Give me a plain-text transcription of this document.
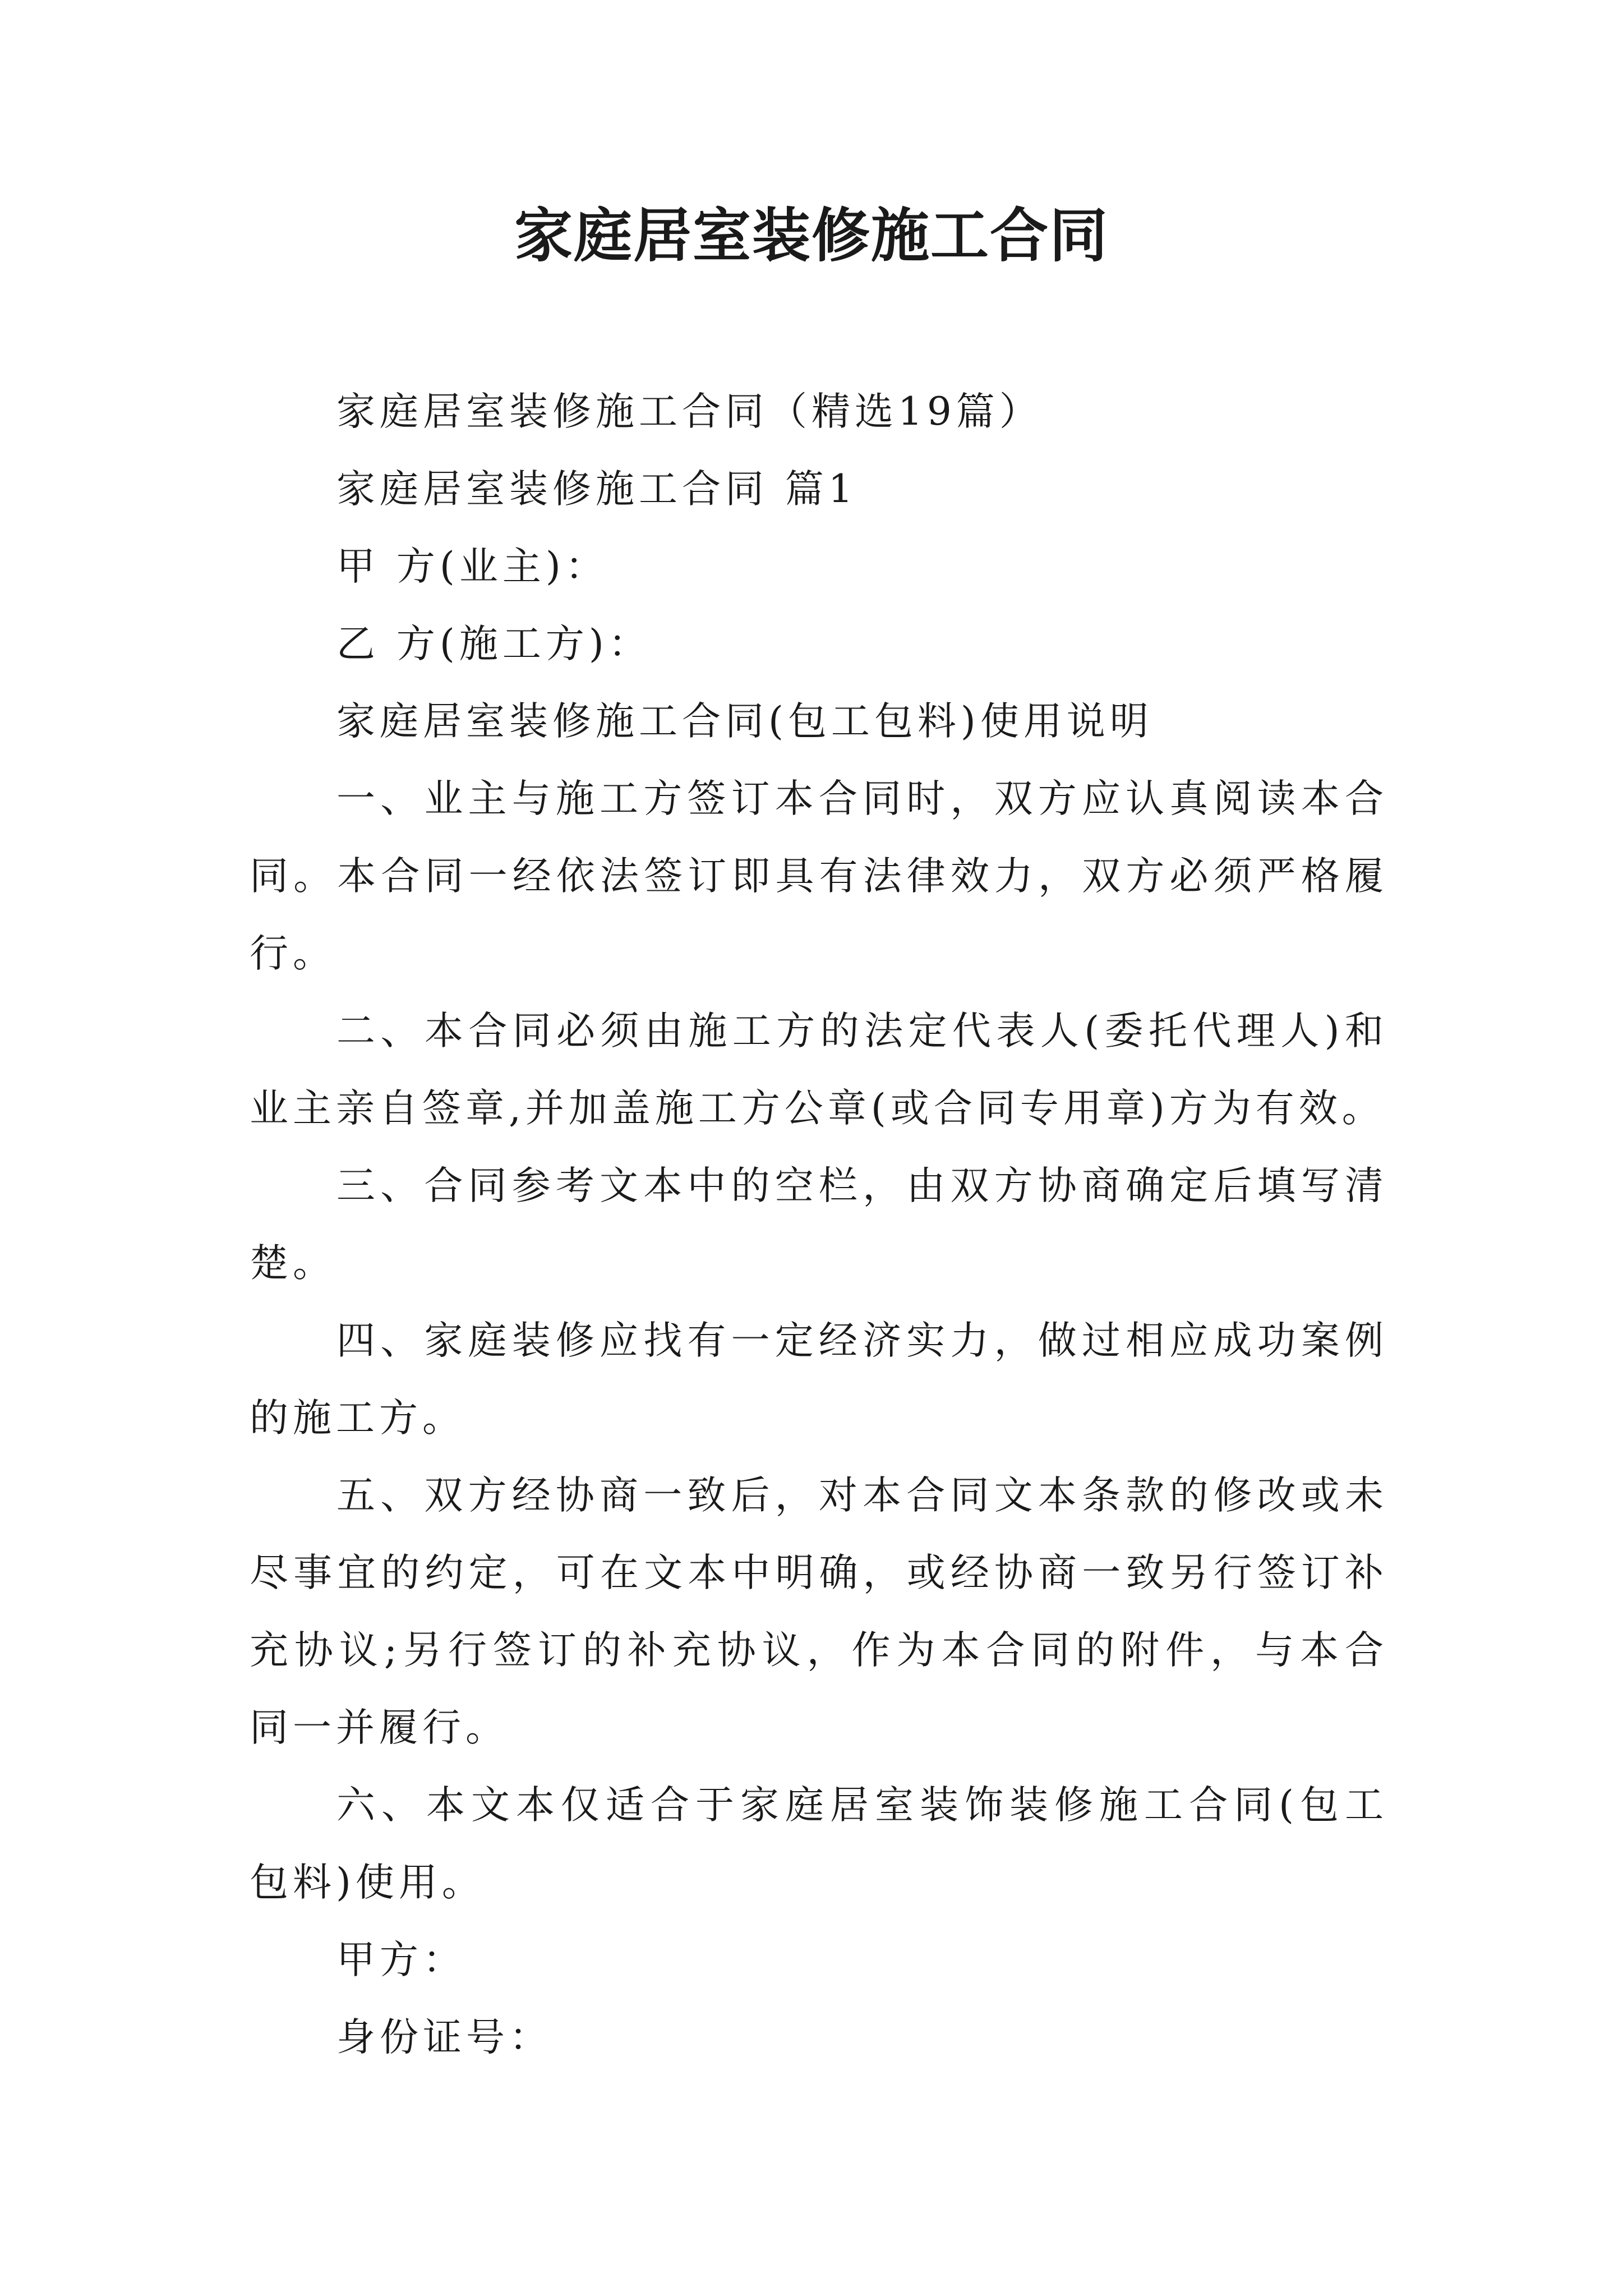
家庭居室装修施工合同

家庭居室装修施工合同（精选19篇）

家庭居室装修施工合同 篇1

甲 方(业主)：

乙 方(施工方)：

家庭居室装修施工合同(包工包料)使用说明

一、业主与施工方签订本合同时，双方应认真阅读本合同。本合同一经依法签订即具有法律效力，双方必须严格履行。

二、本合同必须由施工方的法定代表人(委托代理人)和业主亲自签章,并加盖施工方公章(或合同专用章)方为有效。

三、合同参考文本中的空栏，由双方协商确定后填写清楚。

四、家庭装修应找有一定经济实力，做过相应成功案例的施工方。

五、双方经协商一致后，对本合同文本条款的修改或未尽事宜的约定，可在文本中明确，或经协商一致另行签订补充协议;另行签订的补充协议，作为本合同的附件，与本合同一并履行。

六、本文本仅适合于家庭居室装饰装修施工合同(包工包料)使用。

甲方：

身份证号：
